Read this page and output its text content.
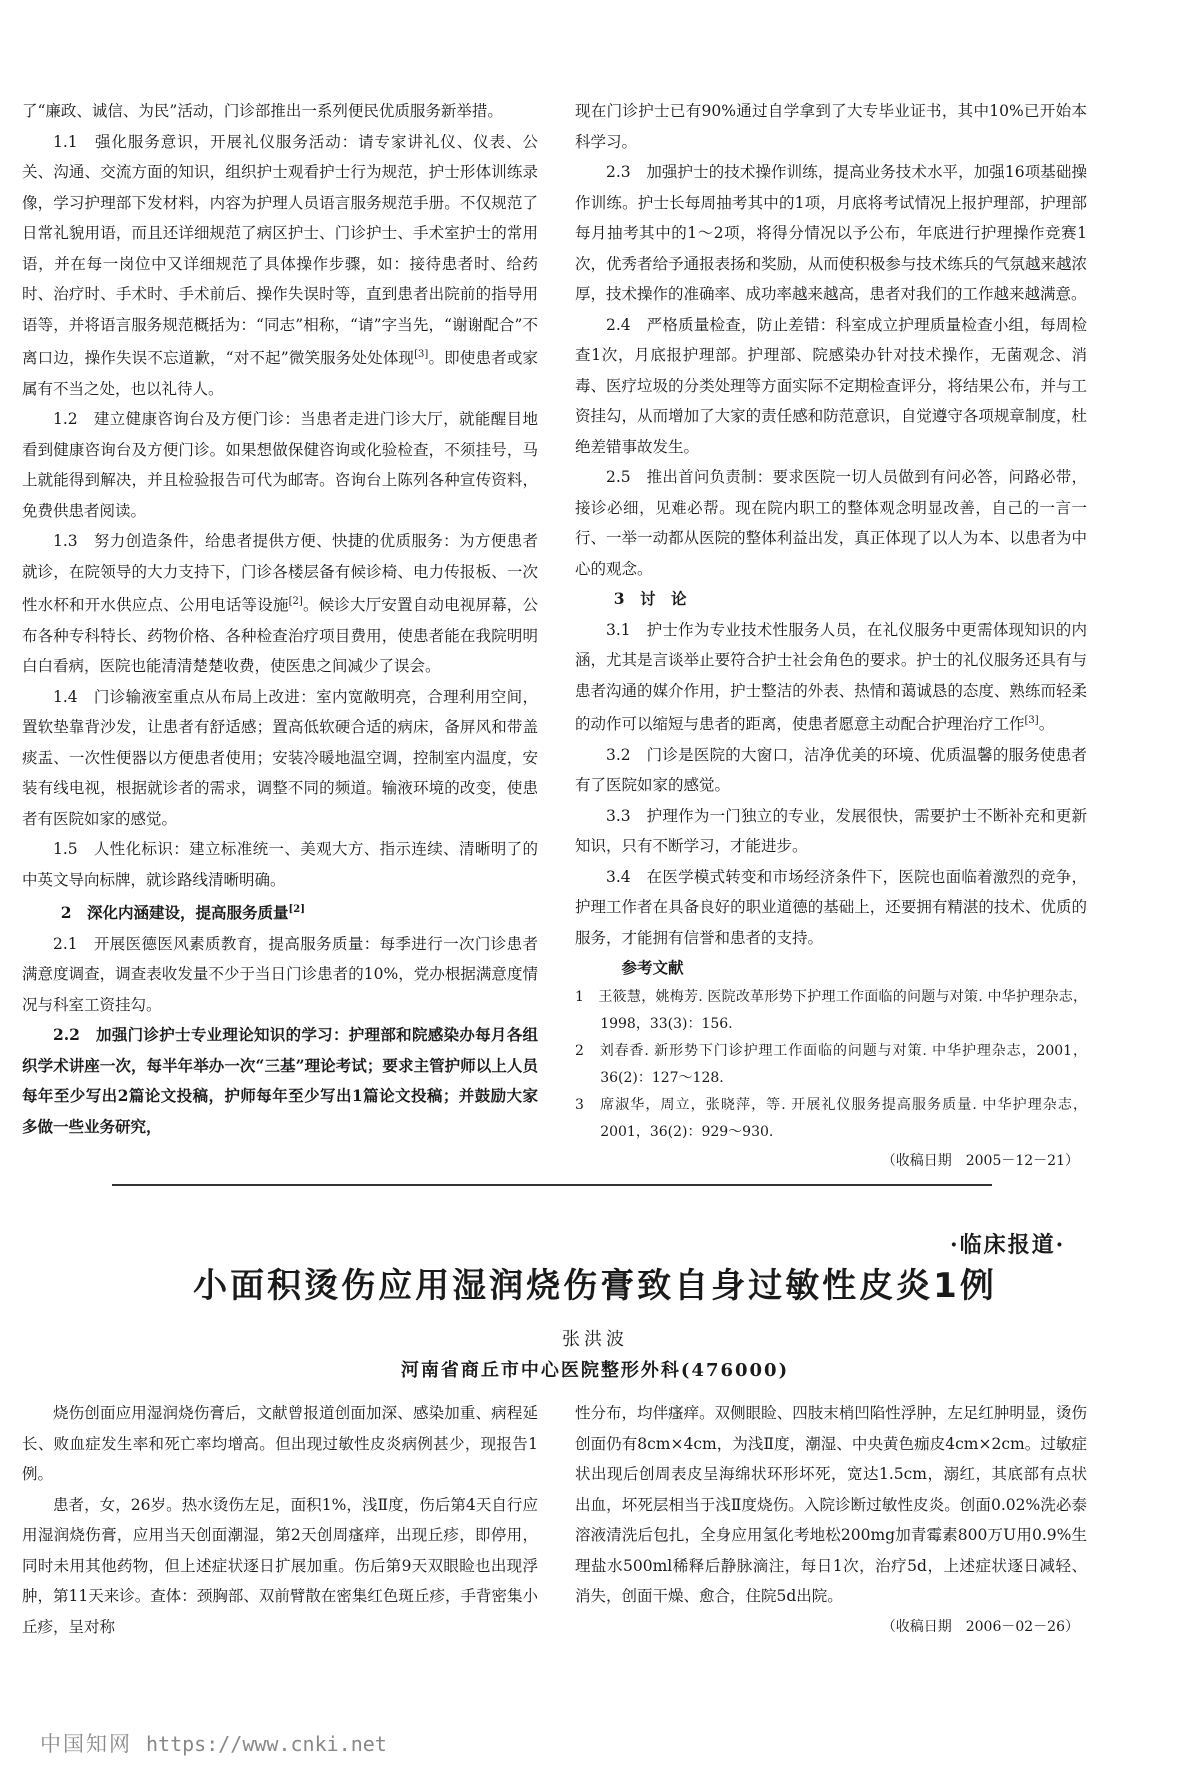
了“廉政、诚信、为民”活动，门诊部推出一系列便民优质服务新举措。

1.1　强化服务意识，开展礼仪服务活动：请专家讲礼仪、仪表、公关、沟通、交流方面的知识，组织护士观看护士行为规范，护士形体训练录像，学习护理部下发材料，内容为护理人员语言服务规范手册。不仅规范了日常礼貌用语，而且还详细规范了病区护士、门诊护士、手术室护士的常用语，并在每一岗位中又详细规范了具体操作步骤，如：接待患者时、给药时、治疗时、手术时、手术前后、操作失误时等，直到患者出院前的指导用语等，并将语言服务规范概括为：“同志”相称，“请”字当先，“谢谢配合”不离口边，操作失误不忘道歉，“对不起”微笑服务处处体现[3]。即使患者或家属有不当之处，也以礼待人。

1.2　建立健康咨询台及方便门诊：当患者走进门诊大厅，就能醒目地看到健康咨询台及方便门诊。如果想做保健咨询或化验检查，不须挂号，马上就能得到解决，并且检验报告可代为邮寄。咨询台上陈列各种宣传资料，免费供患者阅读。

1.3　努力创造条件，给患者提供方便、快捷的优质服务：为方便患者就诊，在院领导的大力支持下，门诊各楼层备有候诊椅、电力传报板、一次性水杯和开水供应点、公用电话等设施[2]。候诊大厅安置自动电视屏幕，公布各种专科特长、药物价格、各种检查治疗项目费用，使患者能在我院明明白白看病，医院也能清清楚楚收费，使医患之间减少了误会。

1.4　门诊输液室重点从布局上改进：室内宽敞明亮，合理利用空间，置软垫靠背沙发，让患者有舒适感；置高低软硬合适的病床，备屏风和带盖痰盂、一次性便器以方便患者使用；安装冷暖地温空调，控制室内温度，安装有线电视，根据就诊者的需求，调整不同的频道。输液环境的改变，使患者有医院如家的感觉。

1.5　人性化标识：建立标准统一、美观大方、指示连续、清晰明了的中英文导向标牌，就诊路线清晰明确。

2　深化内涵建设，提高服务质量[2]

2.1　开展医德医风素质教育，提高服务质量：每季进行一次门诊患者满意度调查，调查表收发量不少于当日门诊患者的10%，党办根据满意度情况与科室工资挂勾。

2.2　加强门诊护士专业理论知识的学习：护理部和院感染办每月各组织学术讲座一次，每半年举办一次“三基”理论考试；要求主管护师以上人员每年至少写出2篇论文投稿，护师每年至少写出1篇论文投稿；并鼓励大家多做一些业务研究，

现在门诊护士已有90%通过自学拿到了大专毕业证书，其中10%已开始本科学习。

2.3　加强护士的技术操作训练，提高业务技术水平，加强16项基础操作训练。护士长每周抽考其中的1项，月底将考试情况上报护理部，护理部每月抽考其中的1～2项，将得分情况以予公布，年底进行护理操作竞赛1次，优秀者给予通报表扬和奖励，从而使积极参与技术练兵的气氛越来越浓厚，技术操作的准确率、成功率越来越高，患者对我们的工作越来越满意。

2.4　严格质量检查，防止差错：科室成立护理质量检查小组，每周检查1次，月底报护理部。护理部、院感染办针对技术操作，无菌观念、消毒、医疗垃圾的分类处理等方面实际不定期检查评分，将结果公布，并与工资挂勾，从而增加了大家的责任感和防范意识，自觉遵守各项规章制度，杜绝差错事故发生。

2.5　推出首问负责制：要求医院一切人员做到有问必答，问路必带，接诊必细，见难必帮。现在院内职工的整体观念明显改善，自己的一言一行、一举一动都从医院的整体利益出发，真正体现了以人为本、以患者为中心的观念。

3　讨　论

3.1　护士作为专业技术性服务人员，在礼仪服务中更需体现知识的内涵，尤其是言谈举止要符合护士社会角色的要求。护士的礼仪服务还具有与患者沟通的媒介作用，护士整洁的外表、热情和蔼诚恳的态度、熟练而轻柔的动作可以缩短与患者的距离，使患者愿意主动配合护理治疗工作[3]。

3.2　门诊是医院的大窗口，洁净优美的环境、优质温馨的服务使患者有了医院如家的感觉。

3.3　护理作为一门独立的专业，发展很快，需要护士不断补充和更新知识，只有不断学习，才能进步。

3.4　在医学模式转变和市场经济条件下，医院也面临着激烈的竞争，护理工作者在具备良好的职业道德的基础上，还要拥有精湛的技术、优质的服务，才能拥有信誉和患者的支持。

参考文献

1　王筱慧，姚梅芳. 医院改革形势下护理工作面临的问题与对策. 中华护理杂志，1998，33(3)：156.

2　刘春香. 新形势下门诊护理工作面临的问题与对策. 中华护理杂志，2001，36(2)：127～128.

3　席淑华，周立，张晓萍，等. 开展礼仪服务提高服务质量. 中华护理杂志，2001，36(2)：929～930.

（收稿日期　2005－12－21）

·临床报道·
小面积烫伤应用湿润烧伤膏致自身过敏性皮炎1例
张洪波
河南省商丘市中心医院整形外科(476000)

烧伤创面应用湿润烧伤膏后，文献曾报道创面加深、感染加重、病程延长、败血症发生率和死亡率均增高。但出现过敏性皮炎病例甚少，现报告1例。

患者，女，26岁。热水烫伤左足，面积1%，浅Ⅱ度，伤后第4天自行应用湿润烧伤膏，应用当天创面潮湿，第2天创周瘙痒，出现丘疹，即停用，同时未用其他药物，但上述症状逐日扩展加重。伤后第9天双眼睑也出现浮肿，第11天来诊。查体：颈胸部、双前臂散在密集红色斑丘疹，手背密集小丘疹，呈对称

性分布，均伴瘙痒。双侧眼睑、四肢末梢凹陷性浮肿，左足红肿明显，烫伤创面仍有8cm×4cm，为浅Ⅱ度，潮湿、中央黄色痂皮4cm×2cm。过敏症状出现后创周表皮呈海绵状环形坏死，宽达1.5cm，溺红，其底部有点状出血，坏死层相当于浅Ⅱ度烧伤。入院诊断过敏性皮炎。创面0.02%洗必泰溶液清洗后包扎，全身应用氢化考地松200mg加青霉素800万U用0.9%生理盐水500ml稀释后静脉滴注，每日1次，治疗5d，上述症状逐日减轻、消失，创面干燥、愈合，住院5d出院。

（收稿日期　2006－02－26）

中国知网 https://www.cnki.net
